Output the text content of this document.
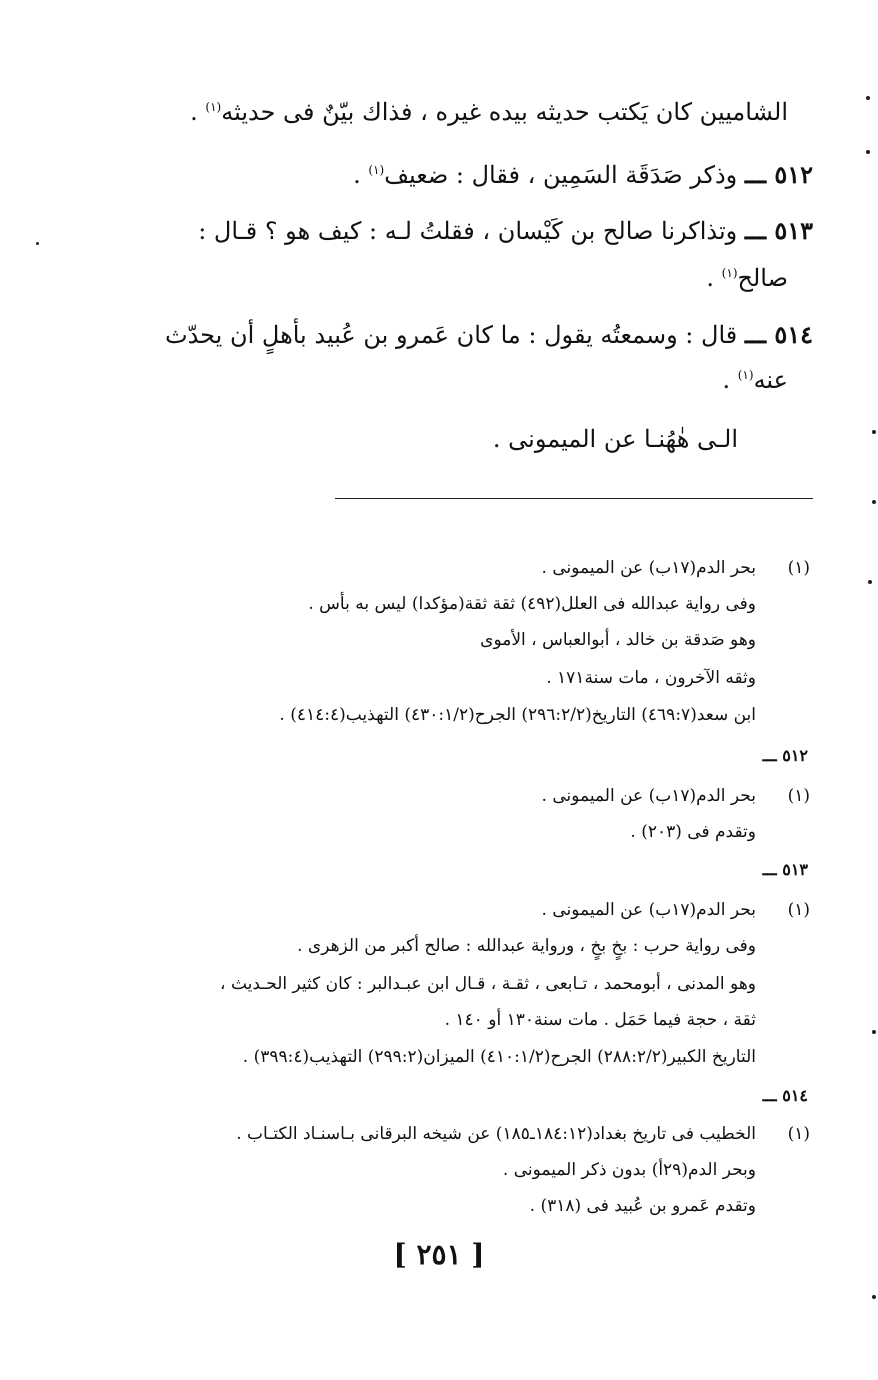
الشاميين كان يَكتب حديثه بيده غيره ، فذاك بيّنٌ فى حديثه$^{(١)}$ .
٥١٢ ـــ وذكر صَدَقَة السَمِين ، فقال : ضعيف$^{(١)}$ .
٥١٣ ـــ وتذاكرنا صالح بن كَيْسان ، فقلتُ لـه : كيف هو ؟ قـال :
صالح$^{(١)}$ .
٥١٤ ـــ قال : وسمعتُه يقول : ما كان عَمرو بن عُبيد بأهلٍ أن يحدّث
عنه$^{(١)}$ .
الـى هٰهُنـا عن الميمونى .
(١)
بحر الدم(١٧ب) عن الميمونى .
وفى رواية عبدالله فى العلل(٤٩٢) ثقة ثقة(مؤكدا) ليس به بأس .
وهو صَدقة بن خالد ، أبوالعباس ، الأموى
وثقه الآخرون ، مات سنة١٧١ .
ابن سعد(٤٦٩:٧) التاريخ(٢٩٦:٢/٢) الجرح(٤٣٠:١/٢) التهذيب(٤١٤:٤) .
٥١٢ ـــ
(١)
بحر الدم(١٧ب) عن الميمونى .
وتقدم فى (٢٠٣) .
٥١٣ ـــ
(١)
بحر الدم(١٧ب) عن الميمونى .
وفى رواية حرب : بخٍ بخٍ ، ورواية عبدالله : صالح أكبر من الزهرى .
وهو المدنى ، أبومحمد ، تـابعى ، ثقـة ، قـال ابن عبـدالبر : كان كثير الحـديث ،
ثقة ، حجة فيما حَمَل . مات سنة١٣٠ أو ١٤٠ .
التاريخ الكبير(٢٨٨:٢/٢) الجرح(٤١٠:١/٢) الميزان(٢٩٩:٢) التهذيب(٣٩٩:٤) .
٥١٤ ـــ
(١)
الخطيب فى تاريخ بغداد(١٨٤:١٢ـ١٨٥) عن شيخه البرقانى بـاسنـاد الكتـاب .
وبحر الدم(٢٩أ) بدون ذكر الميمونى .
وتقدم عَمرو بن عُبيد فى (٣١٨) .
[ ٢٥١ ]
